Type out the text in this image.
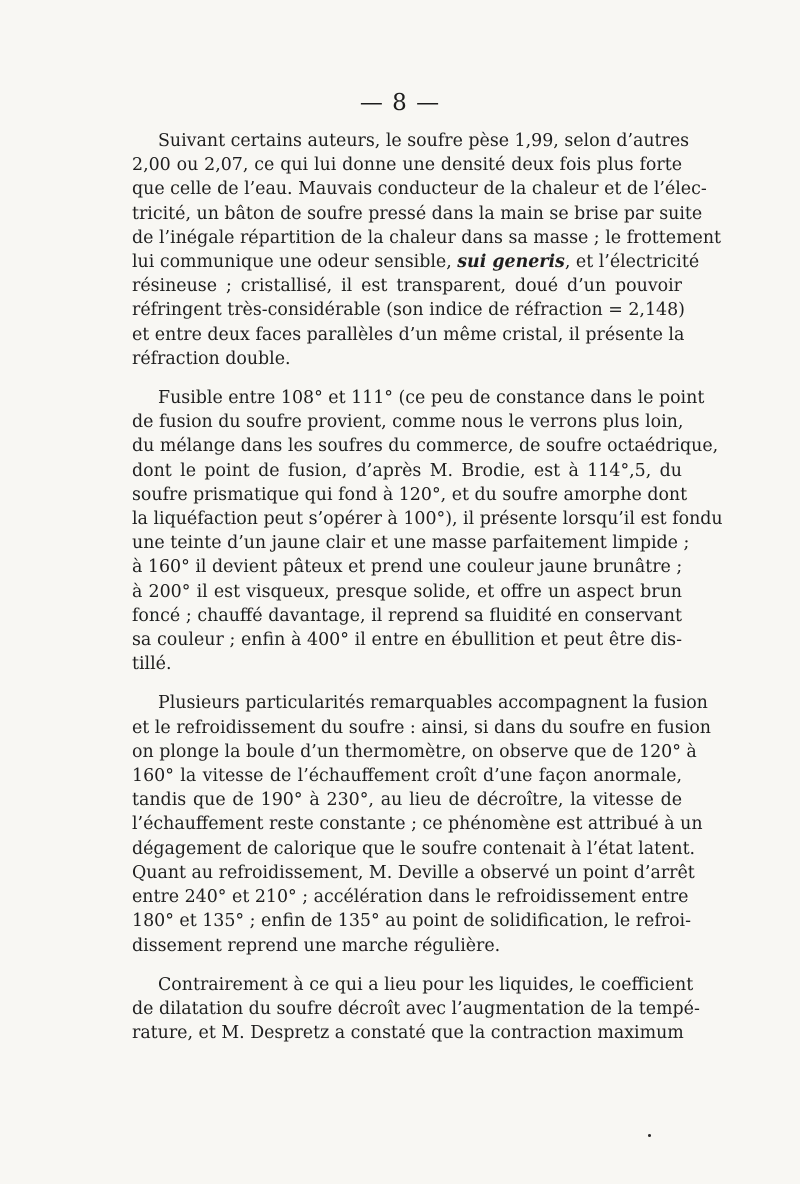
— 8 —
Suivant certains auteurs, le soufre pèse 1,99, selon d’autres
2,00 ou 2,07, ce qui lui donne une densité deux fois plus forte
que celle de l’eau. Mauvais conducteur de la chaleur et de l’élec-
tricité, un bâton de soufre pressé dans la main se brise par suite
de l’inégale répartition de la chaleur dans sa masse ; le frottement
lui communique une odeur sensible, sui generis, et l’électricité
résineuse ; cristallisé, il est transparent, doué d’un pouvoir
réfringent très-considérable (son indice de réfraction = 2,148)
et entre deux faces parallèles d’un même cristal, il présente la
réfraction double.
Fusible entre 108° et 111° (ce peu de constance dans le point
de fusion du soufre provient, comme nous le verrons plus loin,
du mélange dans les soufres du commerce, de soufre octaédrique,
dont le point de fusion, d’après M. Brodie, est à 114°,5, du
soufre prismatique qui fond à 120°, et du soufre amorphe dont
la liquéfaction peut s’opérer à 100°), il présente lorsqu’il est fondu
une teinte d’un jaune clair et une masse parfaitement limpide ;
à 160° il devient pâteux et prend une couleur jaune brunâtre ;
à 200° il est visqueux, presque solide, et offre un aspect brun
foncé ; chauffé davantage, il reprend sa fluidité en conservant
sa couleur ; enfin à 400° il entre en ébullition et peut être dis-
tillé.
Plusieurs particularités remarquables accompagnent la fusion
et le refroidissement du soufre : ainsi, si dans du soufre en fusion
on plonge la boule d’un thermomètre, on observe que de 120° à
160° la vitesse de l’échauffement croît d’une façon anormale,
tandis que de 190° à 230°, au lieu de décroître, la vitesse de
l’échauffement reste constante ; ce phénomène est attribué à un
dégagement de calorique que le soufre contenait à l’état latent.
Quant au refroidissement, M. Deville a observé un point d’arrêt
entre 240° et 210° ; accélération dans le refroidissement entre
180° et 135° ; enfin de 135° au point de solidification, le refroi-
dissement reprend une marche régulière.
Contrairement à ce qui a lieu pour les liquides, le coefficient
de dilatation du soufre décroît avec l’augmentation de la tempé-
rature, et M. Despretz a constaté que la contraction maximum
